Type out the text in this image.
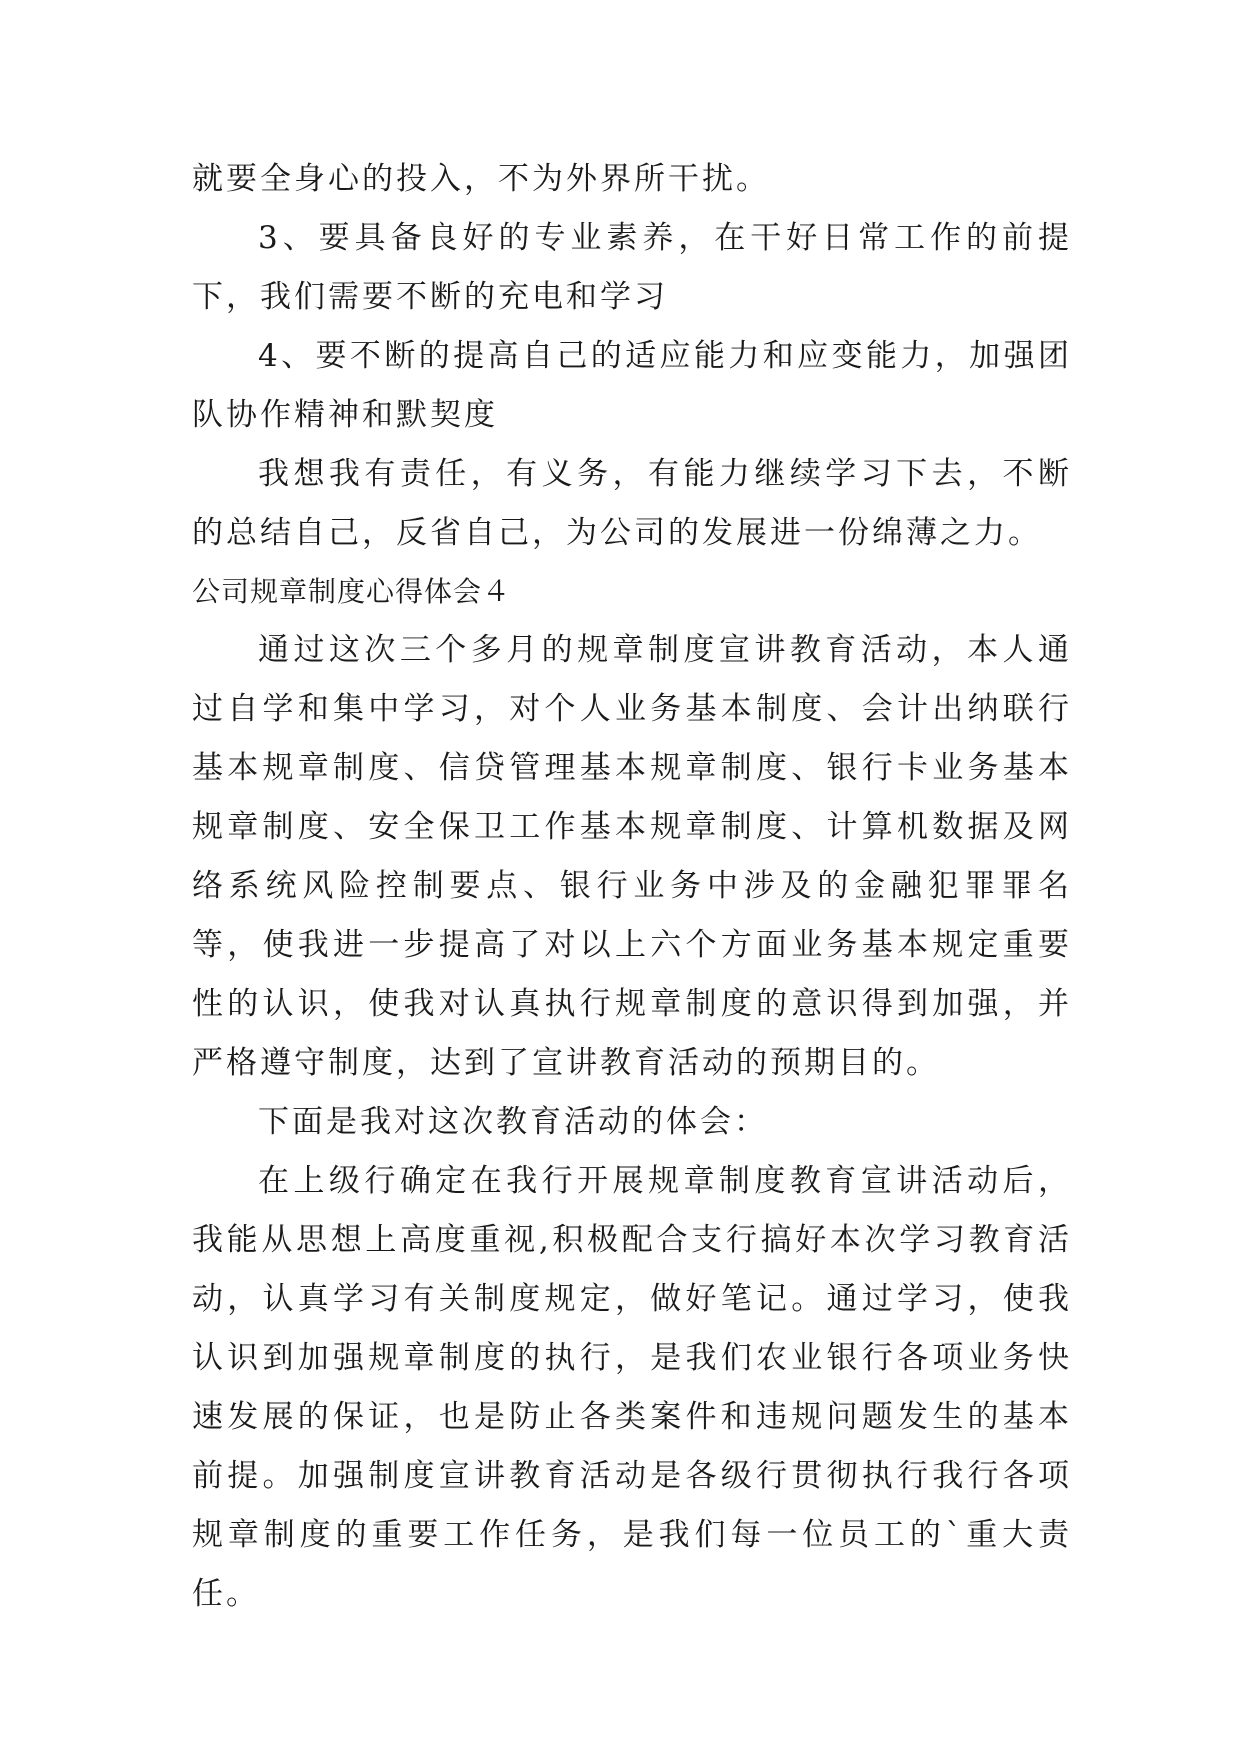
就要全身心的投入，不为外界所干扰。

3、要具备良好的专业素养，在干好日常工作的前提下，我们需要不断的充电和学习

4、要不断的提高自己的适应能力和应变能力，加强团队协作精神和默契度

我想我有责任，有义务，有能力继续学习下去，不断的总结自己，反省自己，为公司的发展进一份绵薄之力。

公司规章制度心得体会４

通过这次三个多月的规章制度宣讲教育活动，本人通过自学和集中学习，对个人业务基本制度、会计出纳联行基本规章制度、信贷管理基本规章制度、银行卡业务基本规章制度、安全保卫工作基本规章制度、计算机数据及网络系统风险控制要点、银行业务中涉及的金融犯罪罪名等，使我进一步提高了对以上六个方面业务基本规定重要性的认识，使我对认真执行规章制度的意识得到加强，并严格遵守制度，达到了宣讲教育活动的预期目的。

下面是我对这次教育活动的体会：

在上级行确定在我行开展规章制度教育宣讲活动后，我能从思想上高度重视,积极配合支行搞好本次学习教育活动，认真学习有关制度规定，做好笔记。通过学习，使我认识到加强规章制度的执行，是我们农业银行各项业务快速发展的保证，也是防止各类案件和违规问题发生的基本前提。加强制度宣讲教育活动是各级行贯彻执行我行各项规章制度的重要工作任务，是我们每一位员工的`重大责任。
